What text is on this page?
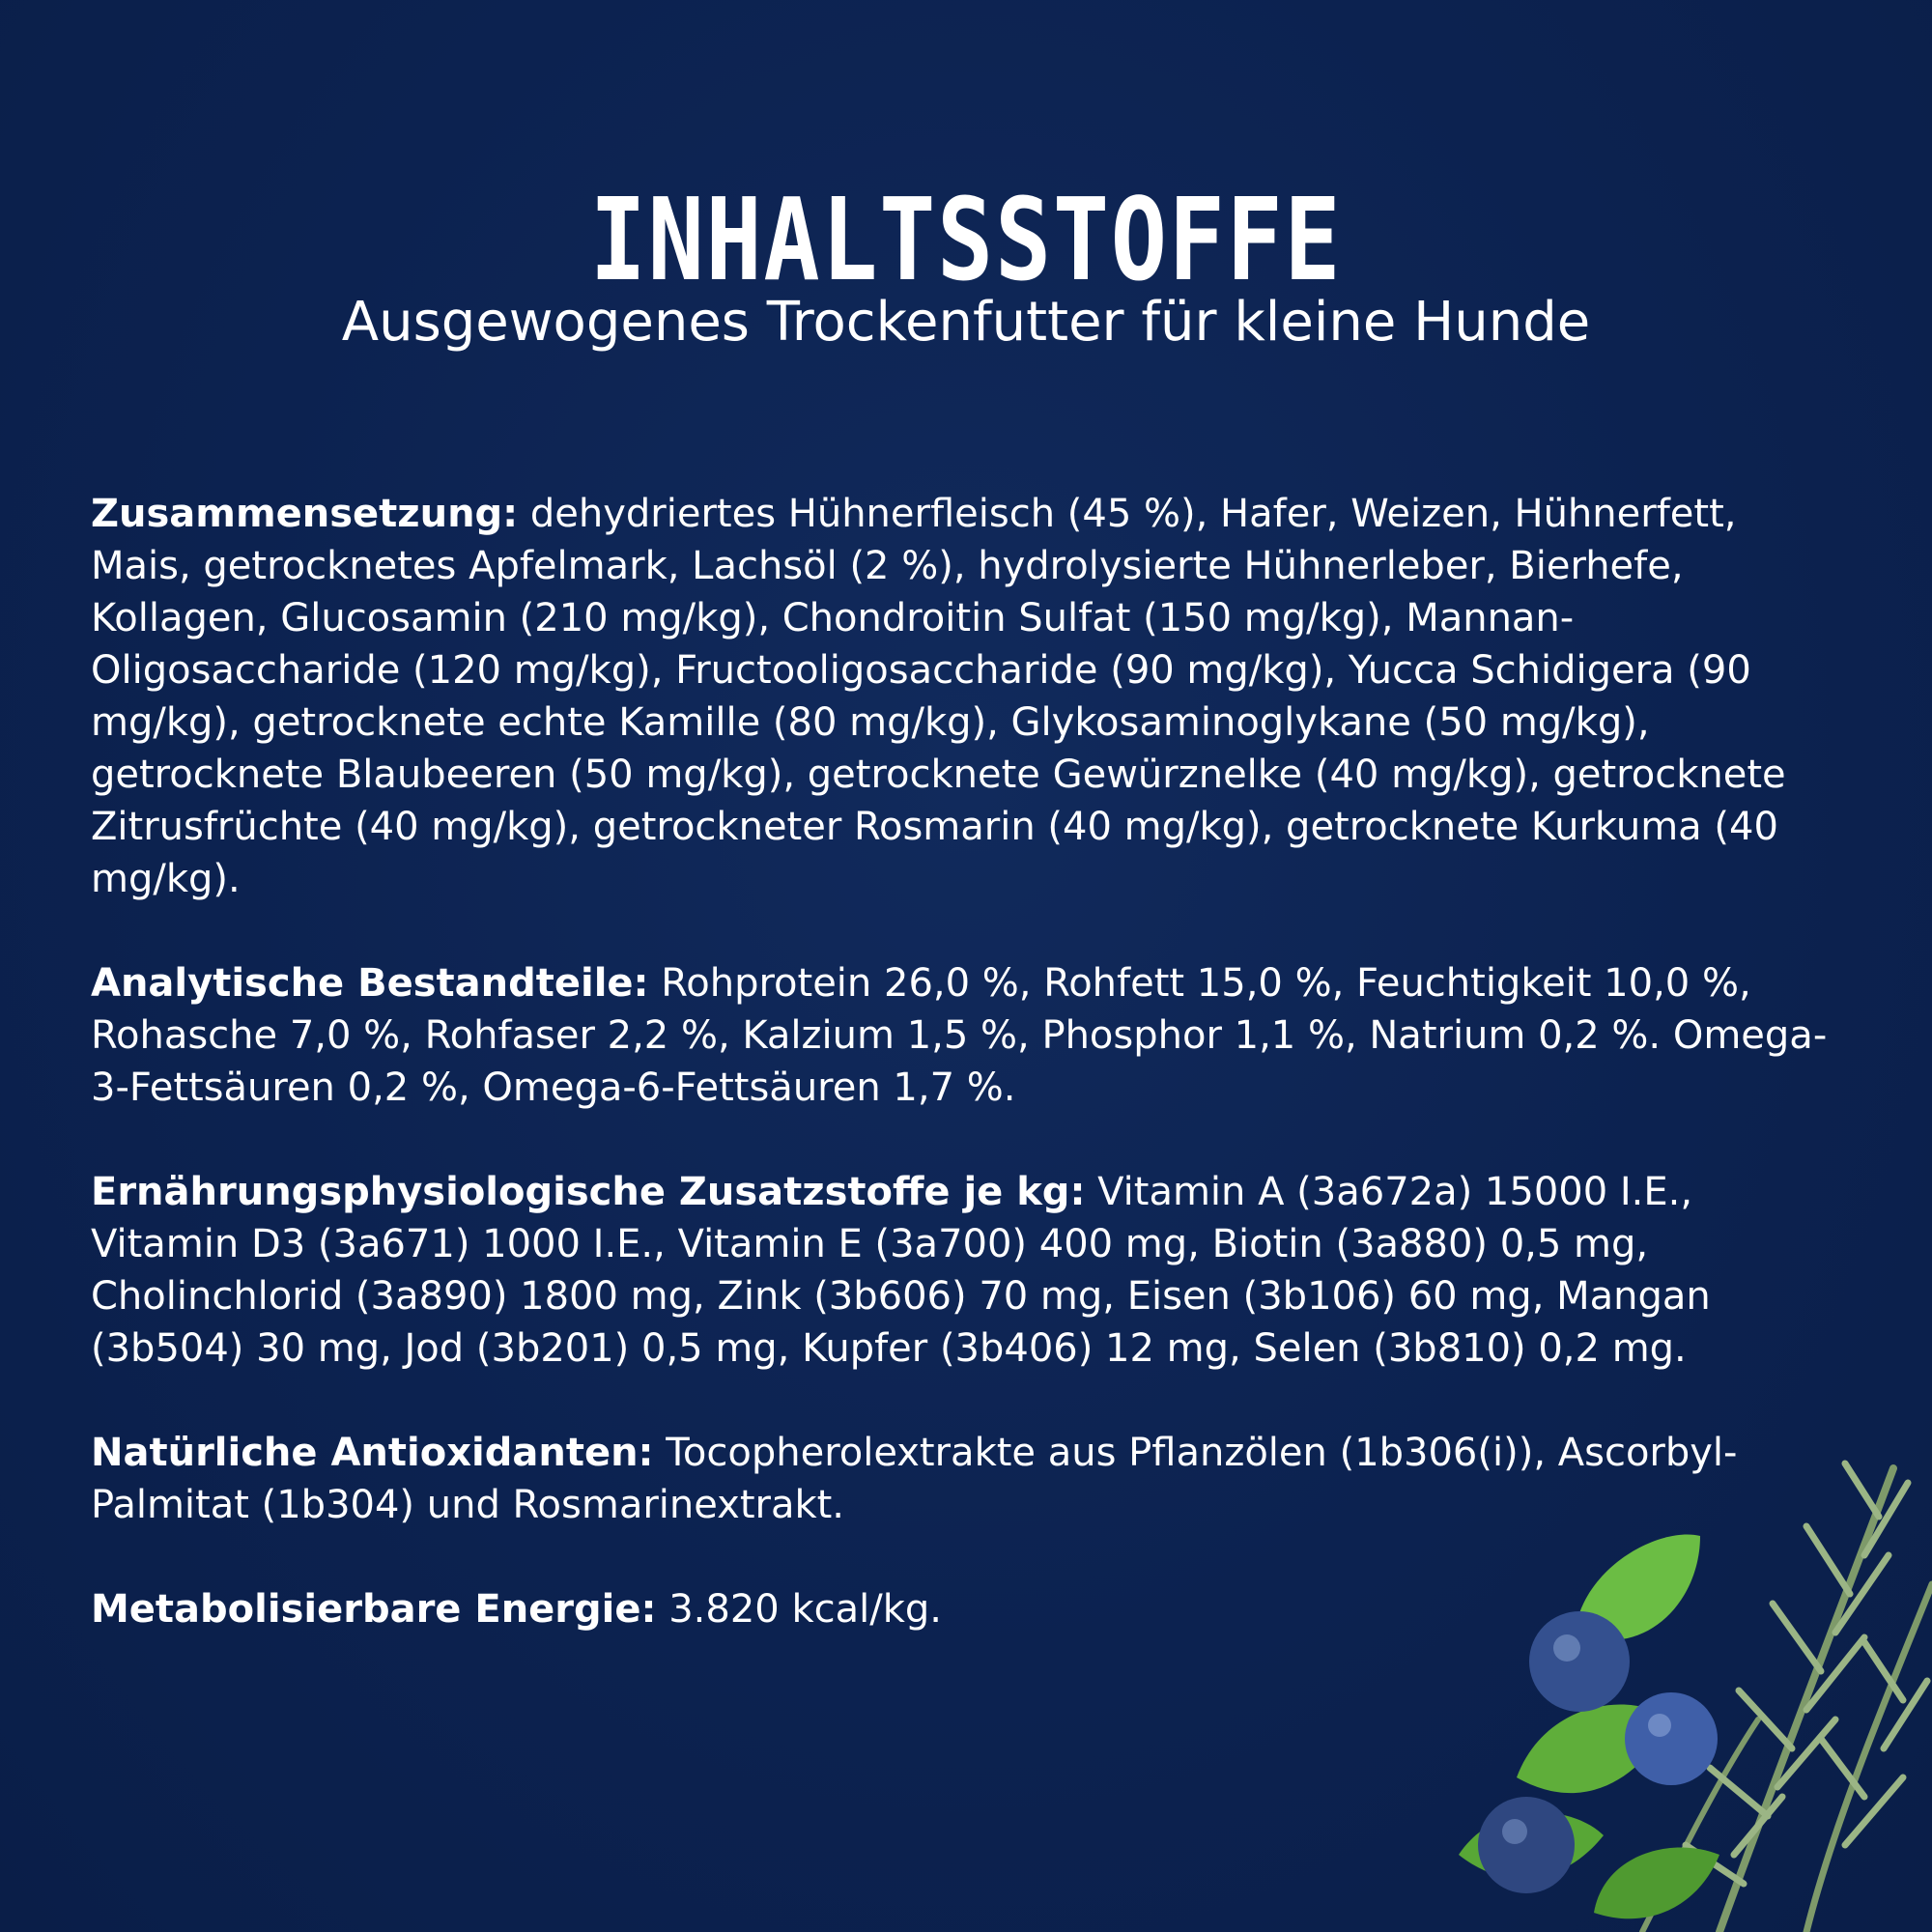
INHALTSSTOFFE
Ausgewogenes Trockenfutter für kleine Hunde

Zusammensetzung: dehydriertes Hühnerfleisch (45 %), Hafer, Weizen, Hühnerfett, Mais, getrocknetes Apfelmark, Lachsöl (2 %), hydrolysierte Hühnerleber, Bierhefe, Kollagen, Glucosamin (210 mg/kg), Chondroitin Sulfat (150 mg/kg), Mannan-Oligosaccharide (120 mg/kg), Fructooligosaccharide (90 mg/kg), Yucca Schidigera (90 mg/kg), getrocknete echte Kamille (80 mg/kg), Glykosaminoglykane (50 mg/kg), getrocknete Blaubeeren (50 mg/kg), getrocknete Gewürznelke (40 mg/kg), getrocknete Zitrusfrüchte (40 mg/kg), getrockneter Rosmarin (40 mg/kg), getrocknete Kurkuma (40 mg/kg).

Analytische Bestandteile: Rohprotein 26,0 %, Rohfett 15,0 %, Feuchtigkeit 10,0 %, Rohasche 7,0 %, Rohfaser 2,2 %, Kalzium 1,5 %, Phosphor 1,1 %, Natrium 0,2 %. Omega-3-Fettsäuren 0,2 %, Omega-6-Fettsäuren 1,7 %.

Ernährungsphysiologische Zusatzstoffe je kg: Vitamin A (3a672a) 15000 I.E., Vitamin D3 (3a671) 1000 I.E., Vitamin E (3a700) 400 mg, Biotin (3a880) 0,5 mg, Cholinchlorid (3a890) 1800 mg, Zink (3b606) 70 mg, Eisen (3b106) 60 mg, Mangan (3b504) 30 mg, Jod (3b201) 0,5 mg, Kupfer (3b406) 12 mg, Selen (3b810) 0,2 mg.

Natürliche Antioxidanten: Tocopherolextrakte aus Pflanzölen (1b306(i)), Ascorbyl-Palmitat (1b304) und Rosmarinextrakt.

Metabolisierbare Energie: 3.820 kcal/kg.
